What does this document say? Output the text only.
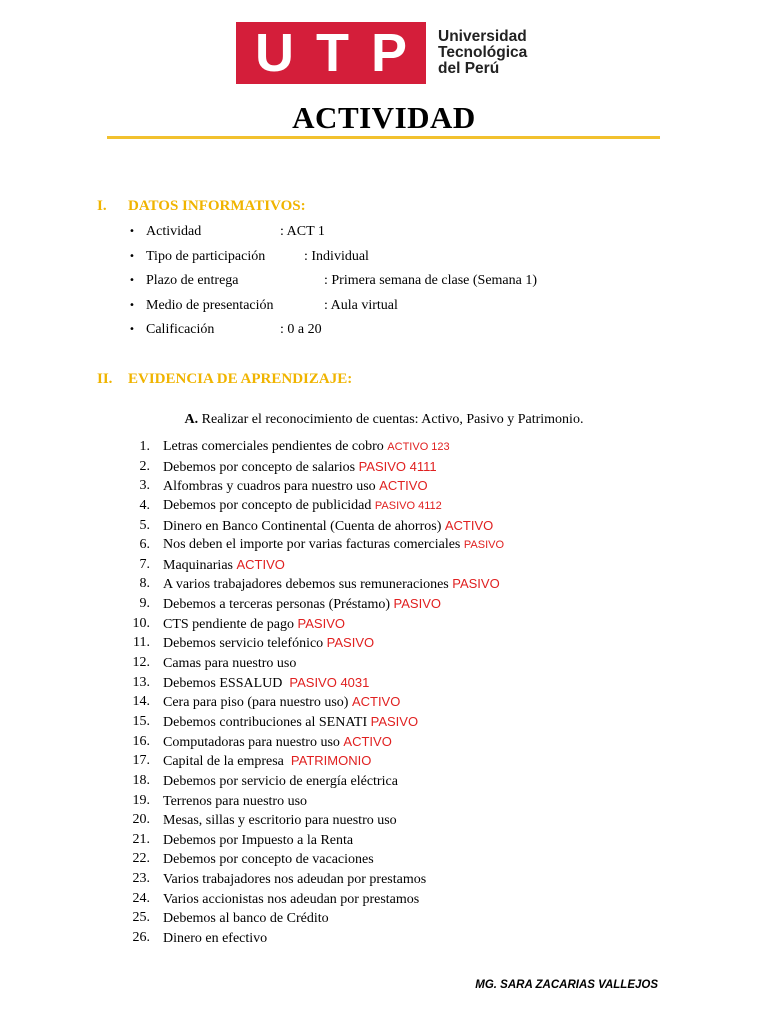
U T P Universidad
Tecnológica
del Perú
ACTIVIDAD
I.	DATOS INFORMATIVOS:
• Actividad	: ACT 1
• Tipo de participación	: Individual
• Plazo de entrega	: Primera semana de clase (Semana 1)
• Medio de presentación	: Aula virtual
• Calificación	: 0 a 20
II.	EVIDENCIA DE APRENDIZAJE:
A. Realizar el reconocimiento de cuentas: Activo, Pasivo y Patrimonio.
1. Letras comerciales pendientes de cobro ACTIVO 123
2. Debemos por concepto de salarios PASIVO 4111
3. Alfombras y cuadros para nuestro uso ACTIVO
4. Debemos por concepto de publicidad PASIVO 4112
5. Dinero en Banco Continental (Cuenta de ahorros) ACTIVO
6. Nos deben el importe por varias facturas comerciales PASIVO
7. Maquinarias ACTIVO
8. A varios trabajadores debemos sus remuneraciones PASIVO
9. Debemos a terceras personas (Préstamo) PASIVO
10. CTS pendiente de pago PASIVO
11. Debemos servicio telefónico PASIVO
12. Camas para nuestro uso
13. Debemos ESSALUD  PASIVO 4031
14. Cera para piso (para nuestro uso) ACTIVO
15. Debemos contribuciones al SENATI PASIVO
16. Computadoras para nuestro uso ACTIVO
17. Capital de la empresa  PATRIMONIO
18. Debemos por servicio de energía eléctrica
19. Terrenos para nuestro uso
20. Mesas, sillas y escritorio para nuestro uso
21. Debemos por Impuesto a la Renta
22. Debemos por concepto de vacaciones
23. Varios trabajadores nos adeudan por prestamos
24. Varios accionistas nos adeudan por prestamos
25. Debemos al banco de Crédito
26. Dinero en efectivo
MG. SARA ZACARIAS VALLEJOS
